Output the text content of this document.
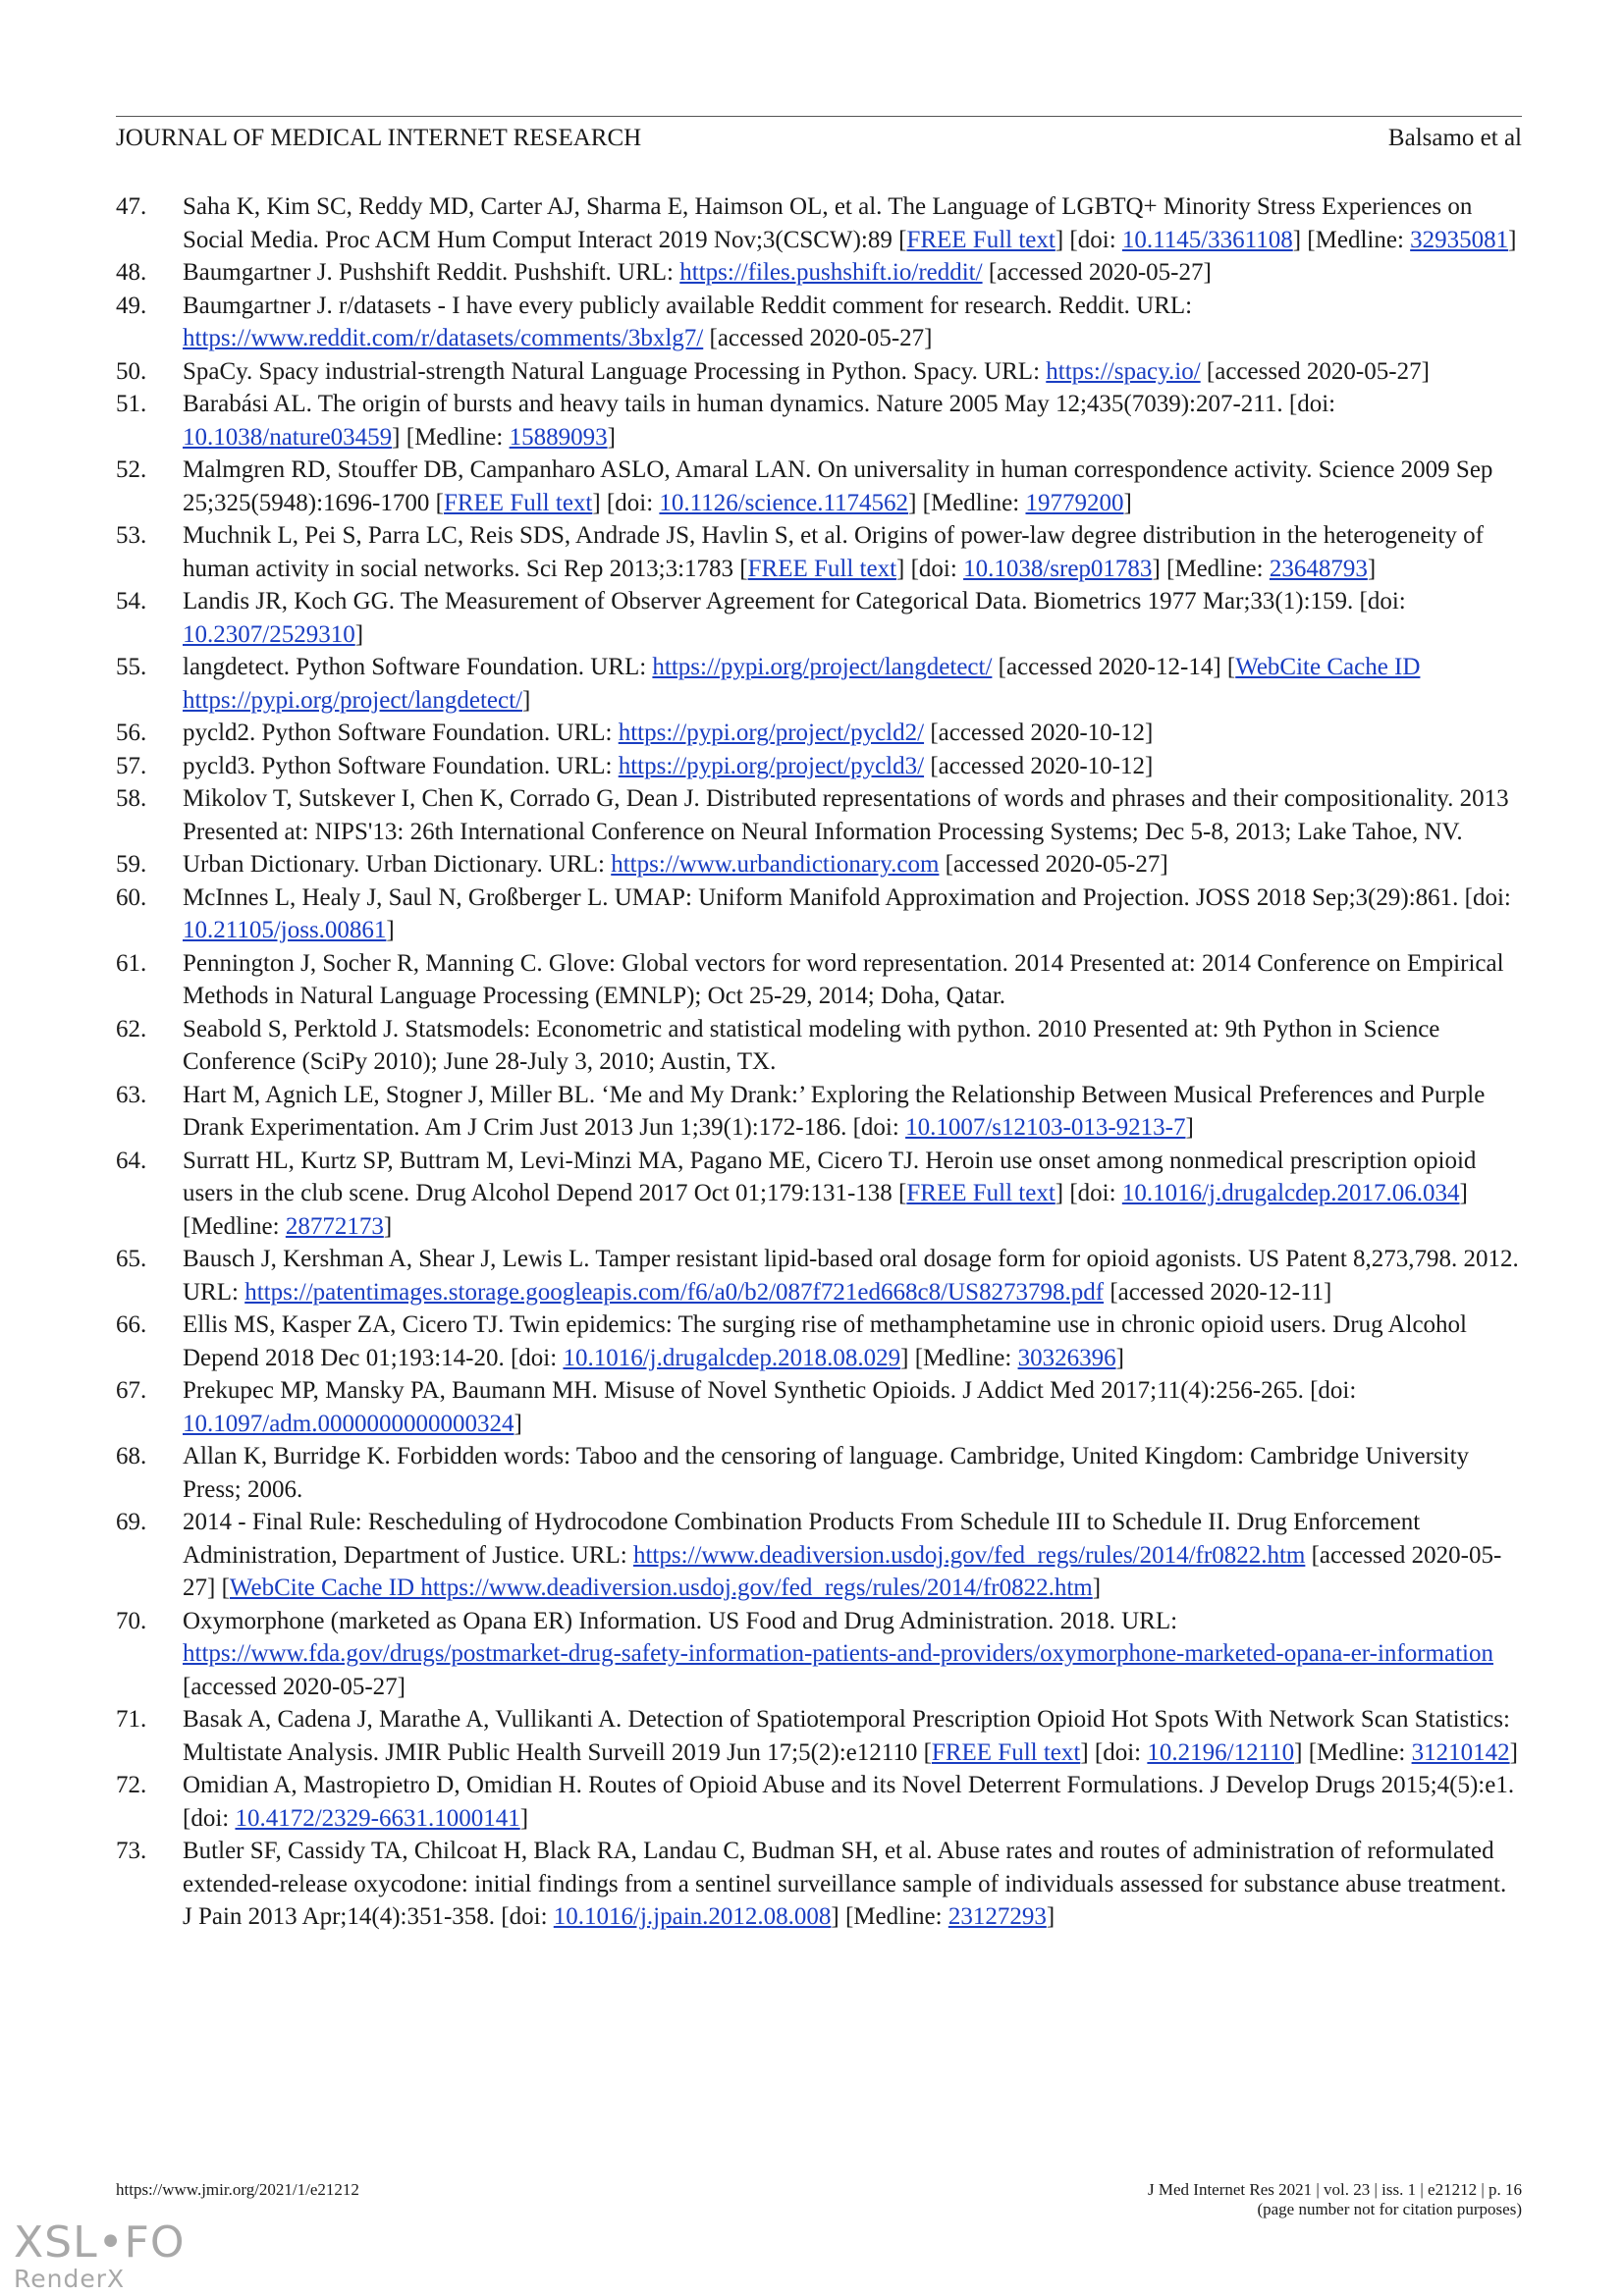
JOURNAL OF MEDICAL INTERNET RESEARCH	Balsamo et al
47. Saha K, Kim SC, Reddy MD, Carter AJ, Sharma E, Haimson OL, et al. The Language of LGBTQ+ Minority Stress Experiences on Social Media. Proc ACM Hum Comput Interact 2019 Nov;3(CSCW):89 [FREE Full text] [doi: 10.1145/3361108] [Medline: 32935081]
48. Baumgartner J. Pushshift Reddit. Pushshift. URL: https://files.pushshift.io/reddit/ [accessed 2020-05-27]
49. Baumgartner J. r/datasets - I have every publicly available Reddit comment for research. Reddit. URL: https://www.reddit.com/r/datasets/comments/3bxlg7/ [accessed 2020-05-27]
50. SpaCy. Spacy industrial-strength Natural Language Processing in Python. Spacy. URL: https://spacy.io/ [accessed 2020-05-27]
51. Barabási AL. The origin of bursts and heavy tails in human dynamics. Nature 2005 May 12;435(7039):207-211. [doi: 10.1038/nature03459] [Medline: 15889093]
52. Malmgren RD, Stouffer DB, Campanharo ASLO, Amaral LAN. On universality in human correspondence activity. Science 2009 Sep 25;325(5948):1696-1700 [FREE Full text] [doi: 10.1126/science.1174562] [Medline: 19779200]
53. Muchnik L, Pei S, Parra LC, Reis SDS, Andrade JS, Havlin S, et al. Origins of power-law degree distribution in the heterogeneity of human activity in social networks. Sci Rep 2013;3:1783 [FREE Full text] [doi: 10.1038/srep01783] [Medline: 23648793]
54. Landis JR, Koch GG. The Measurement of Observer Agreement for Categorical Data. Biometrics 1977 Mar;33(1):159. [doi: 10.2307/2529310]
55. langdetect. Python Software Foundation. URL: https://pypi.org/project/langdetect/ [accessed 2020-12-14] [WebCite Cache ID https://pypi.org/project/langdetect/]
56. pycld2. Python Software Foundation. URL: https://pypi.org/project/pycld2/ [accessed 2020-10-12]
57. pycld3. Python Software Foundation. URL: https://pypi.org/project/pycld3/ [accessed 2020-10-12]
58. Mikolov T, Sutskever I, Chen K, Corrado G, Dean J. Distributed representations of words and phrases and their compositionality. 2013 Presented at: NIPS'13: 26th International Conference on Neural Information Processing Systems; Dec 5-8, 2013; Lake Tahoe, NV.
59. Urban Dictionary. Urban Dictionary. URL: https://www.urbandictionary.com [accessed 2020-05-27]
60. McInnes L, Healy J, Saul N, Großberger L. UMAP: Uniform Manifold Approximation and Projection. JOSS 2018 Sep;3(29):861. [doi: 10.21105/joss.00861]
61. Pennington J, Socher R, Manning C. Glove: Global vectors for word representation. 2014 Presented at: 2014 Conference on Empirical Methods in Natural Language Processing (EMNLP); Oct 25-29, 2014; Doha, Qatar.
62. Seabold S, Perktold J. Statsmodels: Econometric and statistical modeling with python. 2010 Presented at: 9th Python in Science Conference (SciPy 2010); June 28-July 3, 2010; Austin, TX.
63. Hart M, Agnich LE, Stogner J, Miller BL. ‘Me and My Drank:’ Exploring the Relationship Between Musical Preferences and Purple Drank Experimentation. Am J Crim Just 2013 Jun 1;39(1):172-186. [doi: 10.1007/s12103-013-9213-7]
64. Surratt HL, Kurtz SP, Buttram M, Levi-Minzi MA, Pagano ME, Cicero TJ. Heroin use onset among nonmedical prescription opioid users in the club scene. Drug Alcohol Depend 2017 Oct 01;179:131-138 [FREE Full text] [doi: 10.1016/j.drugalcdep.2017.06.034] [Medline: 28772173]
65. Bausch J, Kershman A, Shear J, Lewis L. Tamper resistant lipid-based oral dosage form for opioid agonists. US Patent 8,273,798. 2012. URL: https://patentimages.storage.googleapis.com/f6/a0/b2/087f721ed668c8/US8273798.pdf [accessed 2020-12-11]
66. Ellis MS, Kasper ZA, Cicero TJ. Twin epidemics: The surging rise of methamphetamine use in chronic opioid users. Drug Alcohol Depend 2018 Dec 01;193:14-20. [doi: 10.1016/j.drugalcdep.2018.08.029] [Medline: 30326396]
67. Prekupec MP, Mansky PA, Baumann MH. Misuse of Novel Synthetic Opioids. J Addict Med 2017;11(4):256-265. [doi: 10.1097/adm.0000000000000324]
68. Allan K, Burridge K. Forbidden words: Taboo and the censoring of language. Cambridge, United Kingdom: Cambridge University Press; 2006.
69. 2014 - Final Rule: Rescheduling of Hydrocodone Combination Products From Schedule III to Schedule II. Drug Enforcement Administration, Department of Justice. URL: https://www.deadiversion.usdoj.gov/fed_regs/rules/2014/fr0822.htm [accessed 2020-05-27] [WebCite Cache ID https://www.deadiversion.usdoj.gov/fed_regs/rules/2014/fr0822.htm]
70. Oxymorphone (marketed as Opana ER) Information. US Food and Drug Administration. 2018. URL: https://www.fda.gov/drugs/postmarket-drug-safety-information-patients-and-providers/oxymorphone-marketed-opana-er-information [accessed 2020-05-27]
71. Basak A, Cadena J, Marathe A, Vullikanti A. Detection of Spatiotemporal Prescription Opioid Hot Spots With Network Scan Statistics: Multistate Analysis. JMIR Public Health Surveill 2019 Jun 17;5(2):e12110 [FREE Full text] [doi: 10.2196/12110] [Medline: 31210142]
72. Omidian A, Mastropietro D, Omidian H. Routes of Opioid Abuse and its Novel Deterrent Formulations. J Develop Drugs 2015;4(5):e1. [doi: 10.4172/2329-6631.1000141]
73. Butler SF, Cassidy TA, Chilcoat H, Black RA, Landau C, Budman SH, et al. Abuse rates and routes of administration of reformulated extended-release oxycodone: initial findings from a sentinel surveillance sample of individuals assessed for substance abuse treatment. J Pain 2013 Apr;14(4):351-358. [doi: 10.1016/j.jpain.2012.08.008] [Medline: 23127293]
https://www.jmir.org/2021/1/e21212	J Med Internet Res 2021 | vol. 23 | iss. 1 | e21212 | p. 16
(page number not for citation purposes)
XSL•FO
RenderX
